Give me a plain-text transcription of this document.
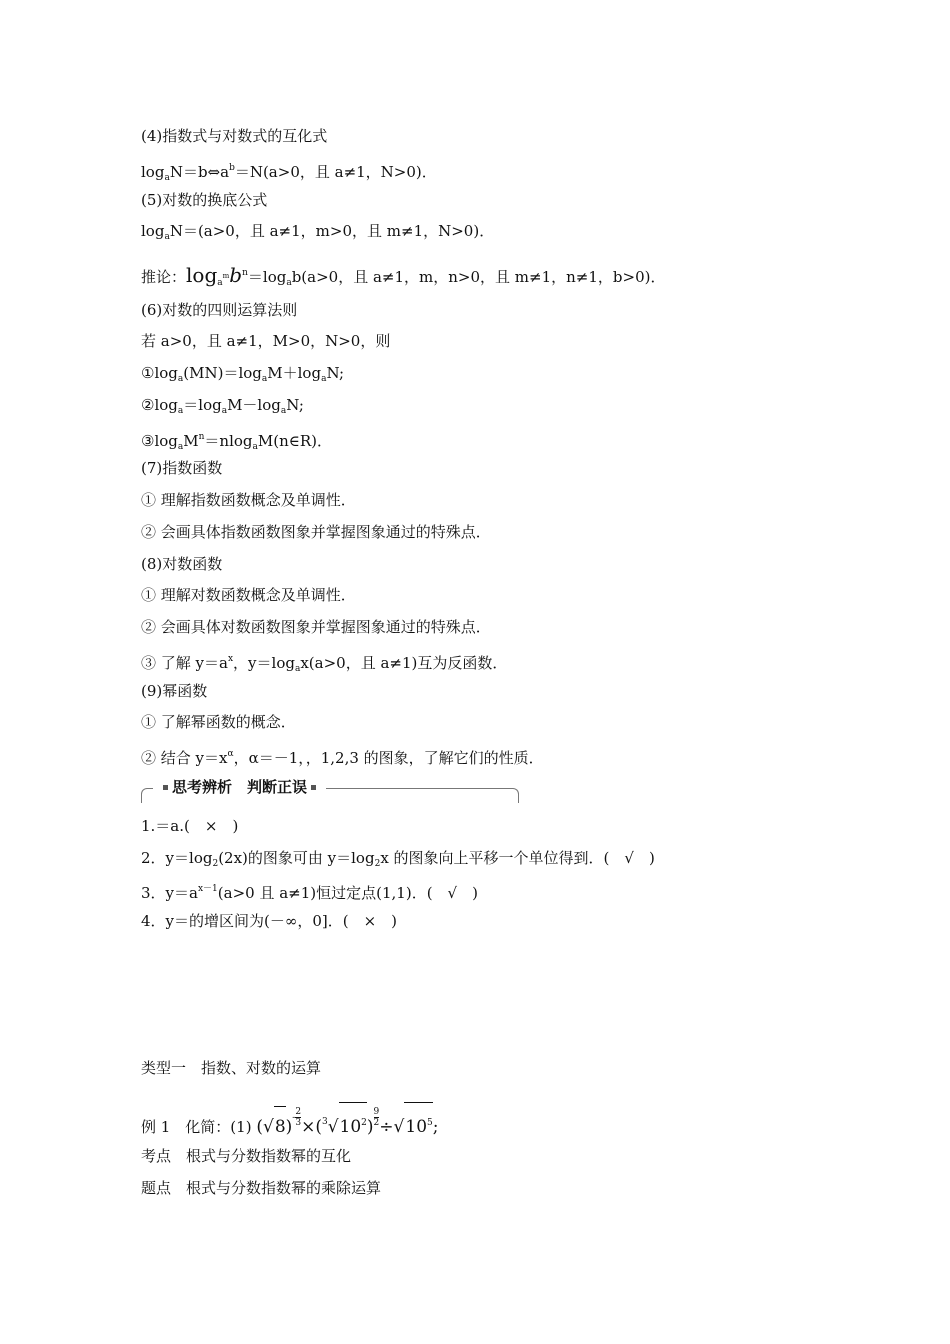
(4)指数式与对数式的互化式
$\log_aN=b\Leftrightarrow a^b=N(a>0$，且 a≠1，N>0)．
(5)对数的换底公式
$\log_aN=(a>0$，且 a≠1，m>0，且 m≠1，N>0)．
推论：$\log_{a^m}b^n=\log_ab(a>0$，且 a≠1，m，n>0，且 m≠1，n≠1，b>0)．
(6)对数的四则运算法则
若 a>0，且 a≠1，M>0，N>0，则
$①\log_a(MN)=\log_aM+\log_aN$;
$②\log_a=\log_aM-\log_aN$;
$③\log_aM^n=nlog_aM(n\in R)$．
(7)指数函数
① 理解指数函数概念及单调性．
② 会画具体指数函数图象并掌握图象通过的特殊点．
(8)对数函数
① 理解对数函数概念及单调性．
② 会画具体对数函数图象并掌握图象通过的特殊点．
③ 了解 $y=a^x$，$y=\log_ax(a>0$，且 a≠1)互为反函数．
(9)幂函数
① 了解幂函数的概念．
② 结合 $y=x^\alpha$，α＝－1，，1,2,3 的图象，了解它们的性质．
思考辨析　判断正误
1.＝a.(　×　)
2．$y=\log_2(2x)$的图象可由 $y=\log_2x$ 的图象向上平移一个单位得到．(　√　)
3．$y=a^{x-1}(a>0$ 且 a≠1)恒过定点(1,1)．(　√　)
4．y＝的增区间为(－∞，0]．(　×　)
类型一　指数、对数的运算
例 1　化简：(1) $(√8)^{- \frac{2}{3}} \times(^3√10^2)$ $^{\frac{9}{2}} \div√10^5$;
考点　根式与分数指数幂的互化
题点　根式与分数指数幂的乘除运算
